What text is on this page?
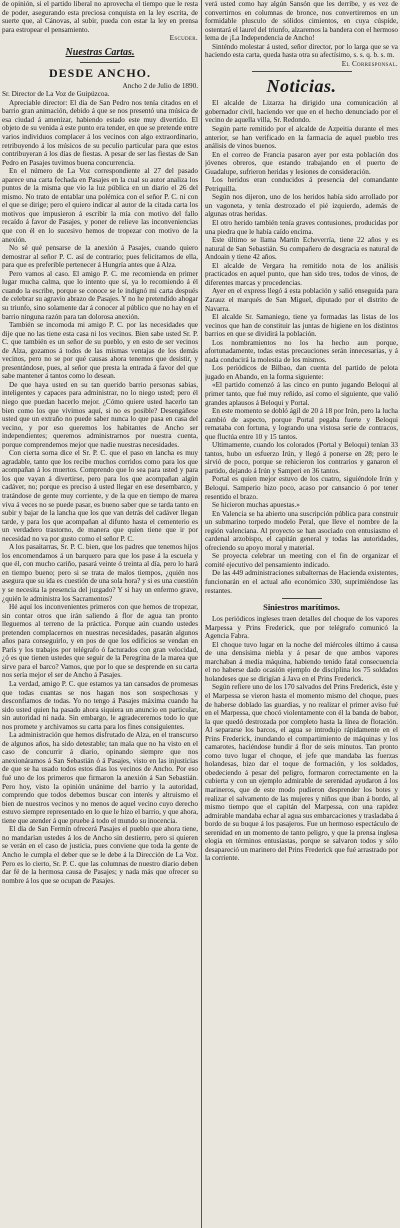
de opinión, si el partido liberal no aprovecha el tiempo que le resta de poder, asegurando esta preciosa conquista en la ley escrita, de suerte que, al Cánovas, al subir, pueda con estar la ley en prensa para estropear el pensamiento.

Escuder.

Nuestras Cartas.
DESDE ANCHO.

Ancho 2 de Julio de 1890.

Sr. Director de La Voz de Guipúzcoa.

Apreciable director: El día de San Pedro nos tenía citados en el barrio gran animación, debido á que se nos presentó una música de esa ciudad á amenizar, habiendo estado este muy divertido. El objeto de su venida á este punto era tender, en que se pretende entre varios individuos complacer á los vecinos con algo extraordinario, retribuyendo á los músicos de su peculio particular para que estos contribuyeran á los días de fiestas. A pesar de ser las fiestas de San Pedro en Pasajes tuvimos buena concurrencia.

En el número de La Voz correspondiente al 27 del pasado aparece una carta fechada en Pasajes en la cual su autor analiza los puntos de la misma que vio la luz pública en un diario el 26 del mismo. No trato de entablar una polémica con el señor P. C. ni con el que se dirige; pero el quiero indicar al autor de la citada carta los motivos que impusieron á escribir la mía con motivo del fallo recaído á favor de Pasajes, y poner de relieve las inconveniencias que con él en lo sucesivo hemos de tropezar con motivo de la anexión.

No sé qué pensarse de la anexión á Pasajes, cuando quiero demostrar al señor P. C. así de contrario; pues felicitamos de ella, para que es preferible pertenecer á Hungría antes que á Alza.

Pero vamos al caso. El amigo P. C. me recomienda en primer lugar mucha calma, que lo intento que sí, ya lo recomiendo á él cuando la escribe, porque se conoce se le indignó mi carta después de celebrar su agravio abrazo de Pasajes. Y no he pretendido ahogar su triunfo, sino solamente dar á conocer al público que no hay en el barrio ninguna razón para tan dolorosa anexión.

También se incomoda mi amigo P. C. por las necesidades que dije que no las tiene esta casa ni los vecinos. Bien sabe usted Sr. P. C. que también es un señor de su pueblo, y en esto de ser vecinos de Alza, gozamos á todos de las mismas ventajas de los demás vecinos, pero no se por qué causas ahora tenemos que desistir, y presentándose, pues, al señor que presta la entrada á favor del que sabe mantener á tantos como lo desean.

De que haya usted en su tan querido barrio personas sabias, inteligentes y capaces para administrar, no lo niego usted; pero él niego que puedan hacerlo mejor. ¿Cómo quiere usted hacerlo tan bien como los que vivimos aquí, si no es posible? Desengáñese usted que un extraño no puede saber nunca lo que pasa en casa del vecino, y por eso queremos los habitantes de Ancho ser independientes; queremos administrarnos por nuestra cuenta, porque comprendemos mejor que nadie nuestras necesidades.

Con cierta sorna dice el Sr. P. C. que el paso en lancha es muy agradable, tanto que los recibe muchos corridos como para los que acompañan á los muertos. Comprendo que lo sea para usted y para los que vayan á divertirse, pero para los que acompañan algún cadáver, no; porque es preciso á usted llegar en ese desembarco, y tratándose de gente muy corriente, y de la que en tiempo de marea viva á veces no se puede pasar, es bueno saber que se tarda tanto en subir y bajar de la lancha que los que van detrás del cadáver llegan tarde, y para los que acompañan al difunto hasta el cementerio es un verdadero trastorno, de manera que quien tiene que ir por necesidad no va por gusto como el señor P. C.

A los pasaitarras, Sr. P. C. bien, que los padres que tenemos hijos los encomendamos á un barquero para que los pase á la escuela y que él, con mucho cariño, pasará veinte ó treinta al día, pero lo hará en tiempo bueno; pero si se trata de malos tiempos, ¿quién nos asegura que su ida es cuestión de una sola hora? y si es una cuestión y se necesita la presencia del juzgado? Y si hay un enfermo grave, ¿quién le administra los Sacramentos?

Hé aquí los inconvenientes primeros con que hemos de tropezar, sin contar otros que irán saliendo á flor de agua tan pronto lleguemos al terreno de la práctica. Porque aún cuando ustedes pretenden complacernos en nuestras necesidades, pasarán algunos años para conseguirlo, y en pos de que los edificios se vendan en París y los trabajos por telégrafo ó facturados con gran velocidad, ¿ó es que tienen ustedes que seguir de la Peregrina de la marea que sirve para el barco? Vamos, que por lo que se desprende en su carta nos sería mejor el ser de Ancho á Pasajes.

La verdad, amigo P. C. que estamos ya tan cansados de promesas que todas cuantas se nos hagan nos son sospechosas y desconfiamos de todas. Yo no tengo á Pasajes máxima cuando ha sido usted quien ha pasado ahora siquiera un anuncio en particular, sin autoridad ni nada. Sin embargo, le agradeceremos todo lo que nos promete y archivamos su carta para los fines consiguientes.

La administración que hemos disfrutado de Alza, en el transcurso de algunos años, ha sido detestable; tan mala que no ha visto en el caso de concurrir á diario, opinando siempre que nos anexionáramos á San Sebastián ó á Pasajes, visto en las injusticias de que se ha usado todos estos días los vecinos de Ancho. Por eso fué uno de los primeros que firmaron la anexión á San Sebastián. Pero hoy, visto la opinión unánime del barrio y la autoridad, comprendo que todos debemos buscar con interés y altruismo el bien de nuestros vecinos y no menos de aquel vecino cuyo derecho estuvo siempre representado en lo que le hizo el barrio, y que ahora, tiene que atender á que pruebe á todo el mundo su inocencia.

El día de San Fermín ofrecerá Pasajes el pueblo que ahora tiene, no mandarían ustedes á los de Ancho sin destierro, pero si quieren se verán en el caso de justicia, pues conviene que toda la gente de Ancho le cumpla el deber que se le debe á la Dirección de La Voz. Pero es lo cierto, Sr. P. C. que las columnas de nuestro diario deben dar fé de la hermosa causa de Pasajes; y nada más que ofrecer su nombre á los que se ocupan de Pasajes.

verá usted como hay algún Sansón que les derribe, y es vez de convertirnos en columnas de bronce, nos convertiremos en un formidable plusculo de sólidos cimientos, en cuya cúspide, ostentará el laurel del triunfo, alzaremos la bandera con el hermoso lema de ¡La Independencia de Ancho!

Sinténdo molestar á usted, señor director, por lo larga que se va haciendo esta carta, queda hasta otra su afectísimo, s. s. q. b. s. m.

El Corresponsal.

Noticias.

El alcalde de Lizarza ha dirigido una comunicación al gobernador civil, haciendo ver que en el hecho denunciado por el vecino de aquella villa, Sr. Redondo.

Según parte remitido por el alcalde de Azpeitia durante el mes anterior, se han verificado en la farmacia de aquel pueblo tres análisis de vinos buenos.

En el correo de Francia pasaron ayer por esta población dos jóvenes obreros, que estando trabajando en el puerto de Guadalupe, sufrieron heridas y lesiones de consideración.

Los heridos eran conducidos á presencia del comandante Petriquilla.

Según nos dijeron, uno de los heridos había sido arrollado por un vagoneta, y tenía destrozado el pié izquierdo, además de algunas otras heridas.

El otro herido también tenía graves contusiones, producidas por una piedra que le había caído encima.

Este último se llama Martín Echeverría, tiene 22 años y es natural de San Sebastián. Su compañero de desgracia es natural de Andoain y tiene 42 años.

El alcalde de Vergara ha remitido nota de los análisis practicados en aquel punto, que han sido tres, todos de vinos, de diferentes marcas y procedencias.

Ayer en el express llegó á esta población y salió enseguida para Zarauz el marqués de San Miguel, diputado por el distrito de Navarra.

El alcalde Sr. Samaniego, tiene ya formadas las listas de los vecinos que han de constituir las juntas de higiene en los distintos barrios en que se dividirá la población.

Los nombramientos no los ha hecho aun porque, afortunadamente, todas estas precauciones serán innecesarias, y á nada conducirá la molestia de los mismos.

Los periódicos de Bilbao, dan cuenta del partido de pelota jugado en Abando, en la forma siguiente:

«El partido comenzó á las cinco en punto jugando Beloqui al primer tanto, que fué muy reñido, así como el siguiente, que valió grandes aplausos á Beloqui y Portal.

En este momento se dobló ágil de 20 á 18 por Irún, pero la lucha cambió de aspecto, porque Portal pegaba fuerte y Beloqui remataba con fortuna, y logrando una vistosa serie de contracos, que fluctúa entre 10 y 15 tantos.

Ultimamente, cuando los colorados (Portal y Beloqui) tenían 33 tantos, hubo un esfuerzo Irún, y llegó á ponerse en 28; pero le sirvió de poco, porque se rehicieron los contrarios y ganaron el partido, dejando á Irún y Samperi en 36 tantos.

Portal es quien mejor estuvo de los cuatro, siguiéndole Irún y Beloqui. Samperio hizo poco, acaso por cansancio ó por tener resentido el brazo.

Se hicieron muchas apuestas.»

En Valencia se ha abierto una suscripción pública para construir un submarino torpedo modelo Peral, que lleve el nombre de la región valenciana. Al proyecto se han asociado con entusiasmo el cardenal arzobispo, el capitán general y todas las autoridades, ofreciendo su apoyo moral y material.

Se proyecta celebrar un meeting con el fin de organizar el comité ejecutivo del pensamiento indicado.

De las 449 administraciones subalternas de Hacienda existentes, funcionarán en el actual año económico 330, suprimiéndose las restantes.

Siniestros marítimos.

Los periódicos ingleses traen detalles del choque de los vapores Marpessa y Prins Frederick, que por telégrafo comunicó la Agencia Fabra.

El choque tuvo lugar en la noche del miércoles último á causa de una densísima niebla y á pesar de que ambos vapores marchaban á media máquina, habiendo tenido fatal consecuencia el no haberse dado ocasión ejemplo de disciplina los 75 soldados holandeses que se dirigían á Java en el Prins Frederick.

Según refiere uno de los 170 salvados del Prins Frederick, éste y el Marpessa se vieron hasta el momento mismo del choque, pues de haberse doblado las guardias, y no realizar el primer aviso fué en el Marpessa, que chocó violentamente con él la banda de babor, la que quedó destrozada por completo hasta la línea de flotación. Al separarse los barcos, el agua se introdujo rápidamente en el Prins Frederick, inundando el compartimiento de máquinas y los camarotes, haciéndose hundir á flor de seis minutos. Tan pronto como tuvo lugar el choque, el jefe que mandaba las fuerzas holandesas, hizo dar el toque de formación, y los soldados, obedeciendo á pesar del peligro, formaron correctamente en la cubierta y con un ejemplo admirable de serenidad ayudaron á los marineros, que de este modo pudieron desprender los botes y realizar el salvamento de las mujeres y niños que iban á bordo, al mismo tiempo que el capitán del Marpessa, con una rapidez admirable mandaba echar al agua sus embarcaciones y trasladaba á bordo de su buque á los pasajeros. Fue un hermoso espectáculo de serenidad en un momento de tanto peligro, y que la prensa inglesa elogia en términos entusiastas, porque se salvaron todos y sólo desapareció un marinero del Prins Frederick que fué arrastrado por la corriente.
